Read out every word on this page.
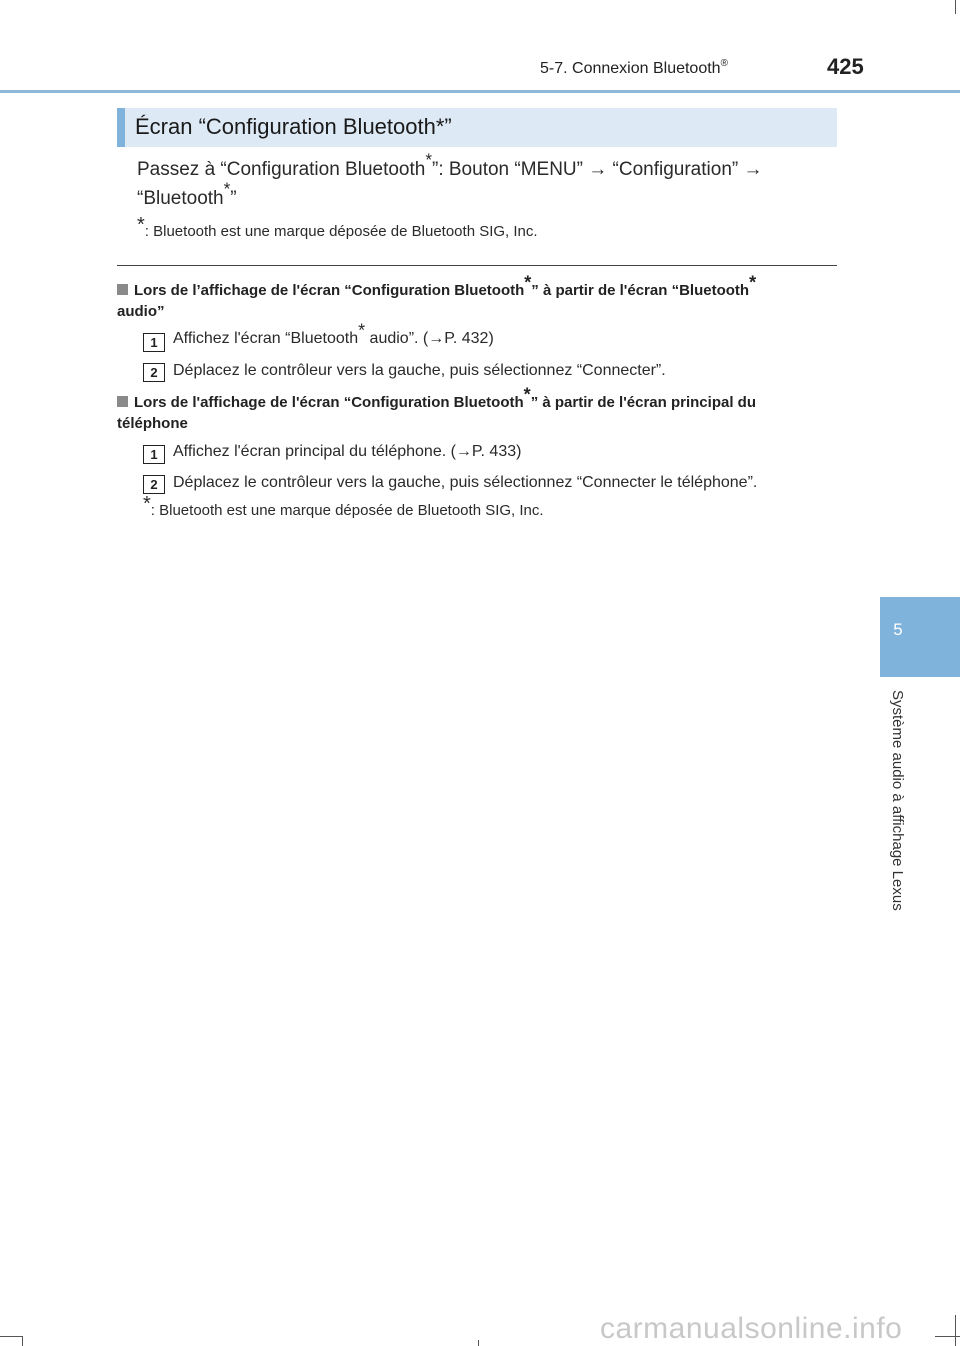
5-7. Connexion Bluetooth®	425
5
Système audio à affichage Lexus
Écran “Configuration Bluetooth*”
Passez à “Configuration Bluetooth*”: Bouton “MENU” → “Configuration” →
“Bluetooth*”
*: Bluetooth est une marque déposée de Bluetooth SIG, Inc.
Lors de l’affichage de l'écran “Configuration Bluetooth*” à partir de l'écran “Bluetooth*
audio”
1 Affichez l'écran “Bluetooth* audio”. (→P. 432)
2 Déplacez le contrôleur vers la gauche, puis sélectionnez “Connecter”.
Lors de l'affichage de l'écran “Configuration Bluetooth*” à partir de l'écran principal du
téléphone
1 Affichez l'écran principal du téléphone. (→P. 433)
2 Déplacez le contrôleur vers la gauche, puis sélectionnez “Connecter le téléphone”.
*: Bluetooth est une marque déposée de Bluetooth SIG, Inc.
carmanualsonline.info
